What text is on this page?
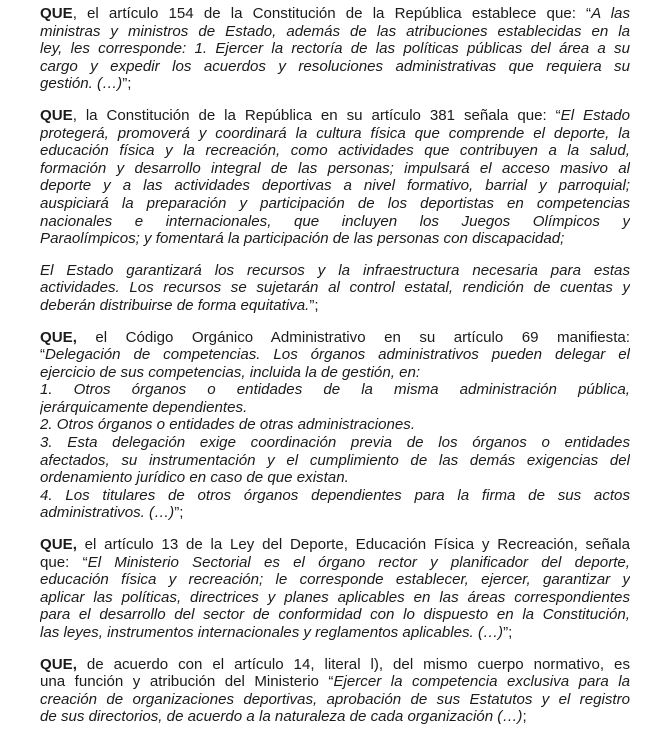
QUE, el artículo 154 de la Constitución de la República establece que: “A las
ministras y ministros de Estado, además de las atribuciones establecidas en la
ley, les corresponde: 1. Ejercer la rectoría de las políticas públicas del área a su
cargo y expedir los acuerdos y resoluciones administrativas que requiera su
gestión. (…)”;
QUE, la Constitución de la República en su artículo 381 señala que: “El Estado
protegerá, promoverá y coordinará la cultura física que comprende el deporte, la
educación física y la recreación, como actividades que contribuyen a la salud,
formación y desarrollo integral de las personas; impulsará el acceso masivo al
deporte y a las actividades deportivas a nivel formativo, barrial y parroquial;
auspiciará la preparación y participación de los deportistas en competencias
nacionales e internacionales, que incluyen los Juegos Olímpicos y
Paraolímpicos; y fomentará la participación de las personas con discapacidad;
El Estado garantizará los recursos y la infraestructura necesaria para estas
actividades. Los recursos se sujetarán al control estatal, rendición de cuentas y
deberán distribuirse de forma equitativa.”;
QUE, el Código Orgánico Administrativo en su artículo 69 manifiesta:
“Delegación de competencias. Los órganos administrativos pueden delegar el
ejercicio de sus competencias, incluida la de gestión, en:
1. Otros órganos o entidades de la misma administración pública,
jerárquicamente dependientes.
2. Otros órganos o entidades de otras administraciones.
3. Esta delegación exige coordinación previa de los órganos o entidades
afectados, su instrumentación y el cumplimiento de las demás exigencias del
ordenamiento jurídico en caso de que existan.
4. Los titulares de otros órganos dependientes para la firma de sus actos
administrativos. (…)”;
QUE, el artículo 13 de la Ley del Deporte, Educación Física y Recreación, señala
que: “El Ministerio Sectorial es el órgano rector y planificador del deporte,
educación física y recreación; le corresponde establecer, ejercer, garantizar y
aplicar las políticas, directrices y planes aplicables en las áreas correspondientes
para el desarrollo del sector de conformidad con lo dispuesto en la Constitución,
las leyes, instrumentos internacionales y reglamentos aplicables. (…)”;
QUE, de acuerdo con el artículo 14, literal l), del mismo cuerpo normativo, es
una función y atribución del Ministerio “Ejercer la competencia exclusiva para la
creación de organizaciones deportivas, aprobación de sus Estatutos y el registro
de sus directorios, de acuerdo a la naturaleza de cada organización (…);
